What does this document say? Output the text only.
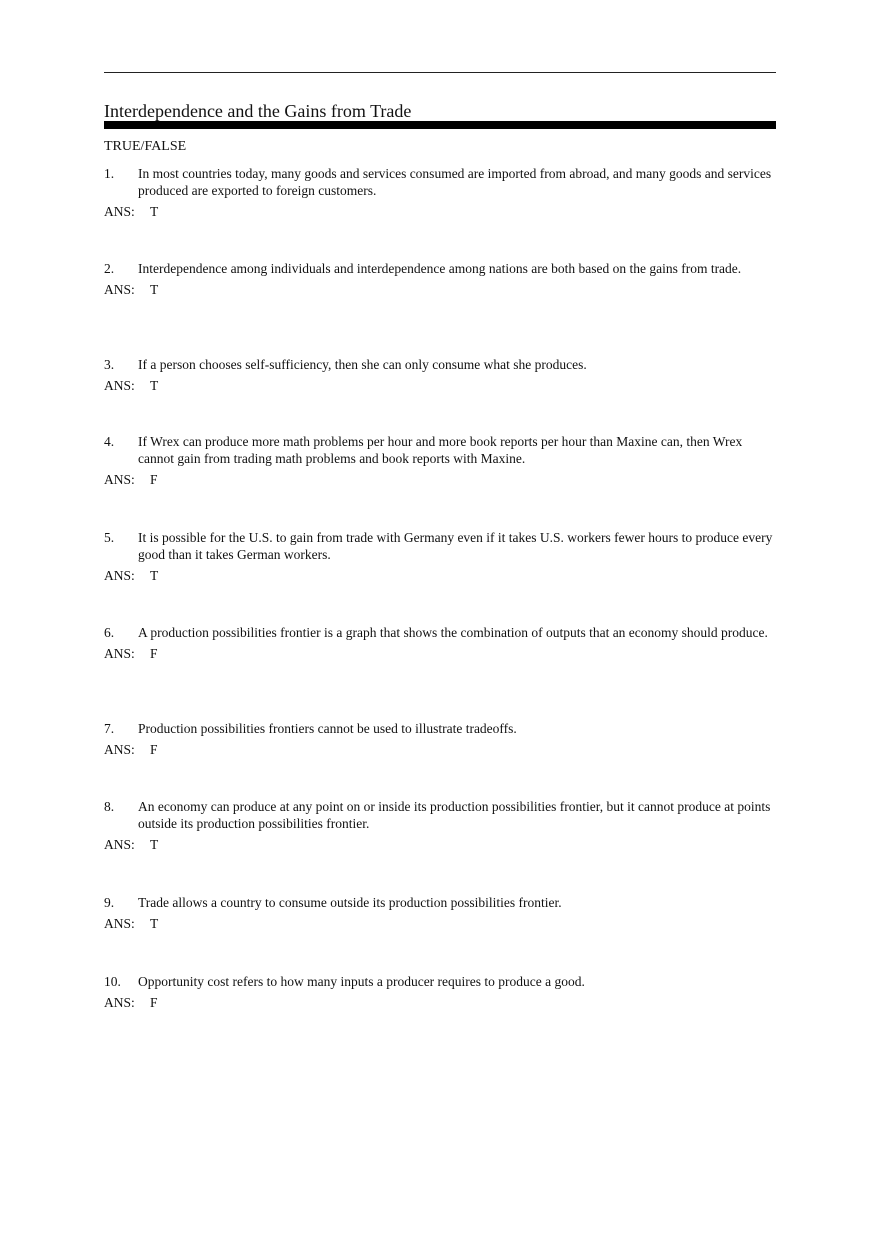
Interdependence and the Gains from Trade
TRUE/FALSE
1. In most countries today, many goods and services consumed are imported from abroad, and many goods and services produced are exported to foreign customers.
ANS: T
2. Interdependence among individuals and interdependence among nations are both based on the gains from trade.
ANS: T
3. If a person chooses self-sufficiency, then she can only consume what she produces.
ANS: T
4. If Wrex can produce more math problems per hour and more book reports per hour than Maxine can, then Wrex cannot gain from trading math problems and book reports with Maxine.
ANS: F
5. It is possible for the U.S. to gain from trade with Germany even if it takes U.S. workers fewer hours to produce every good than it takes German workers.
ANS: T
6. A production possibilities frontier is a graph that shows the combination of outputs that an economy should produce.
ANS: F
7. Production possibilities frontiers cannot be used to illustrate tradeoffs.
ANS: F
8. An economy can produce at any point on or inside its production possibilities frontier, but it cannot produce at points outside its production possibilities frontier.
ANS: T
9. Trade allows a country to consume outside its production possibilities frontier.
ANS: T
10. Opportunity cost refers to how many inputs a producer requires to produce a good.
ANS: F
